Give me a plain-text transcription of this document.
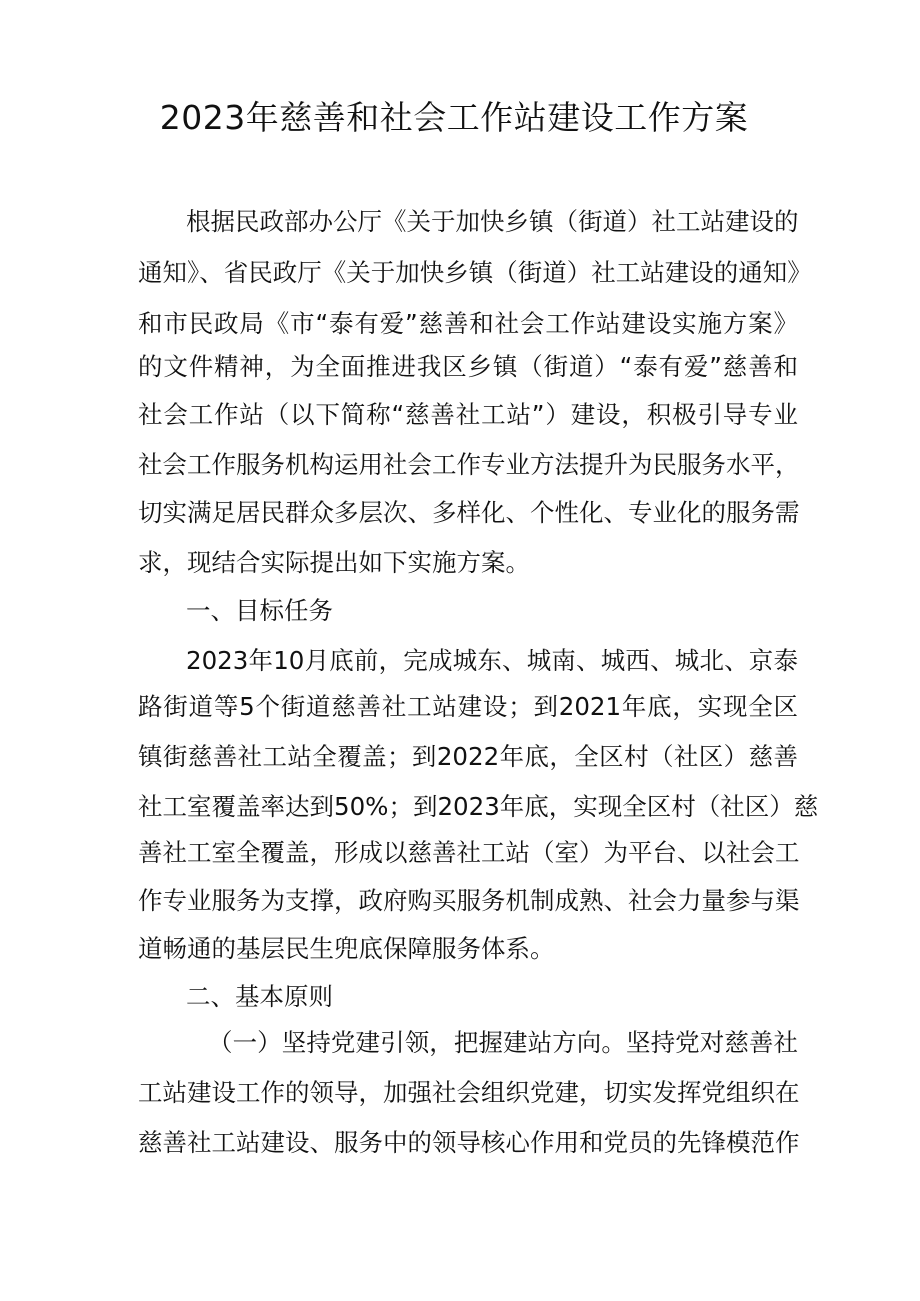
2023年慈善和社会工作站建设工作方案
根据民政部办公厅《关于加快乡镇（街道）社工站建设的
通知》、省民政厅《关于加快乡镇（街道）社工站建设的通知》
和市民政局《市“泰有爱”慈善和社会工作站建设实施方案》
的文件精神，为全面推进我区乡镇（街道）“泰有爱”慈善和
社会工作站（以下简称“慈善社工站”）建设，积极引导专业
社会工作服务机构运用社会工作专业方法提升为民服务水平，
切实满足居民群众多层次、多样化、个性化、专业化的服务需
求，现结合实际提出如下实施方案。
一、目标任务
2023年10月底前，完成城东、城南、城西、城北、京泰
路街道等5个街道慈善社工站建设；到2021年底，实现全区
镇街慈善社工站全覆盖；到2022年底，全区村（社区）慈善
社工室覆盖率达到50%；到2023年底，实现全区村（社区）慈
善社工室全覆盖，形成以慈善社工站（室）为平台、以社会工
作专业服务为支撑，政府购买服务机制成熟、社会力量参与渠
道畅通的基层民生兜底保障服务体系。
二、基本原则
（一）坚持党建引领，把握建站方向。坚持党对慈善社
工站建设工作的领导，加强社会组织党建，切实发挥党组织在
慈善社工站建设、服务中的领导核心作用和党员的先锋模范作
